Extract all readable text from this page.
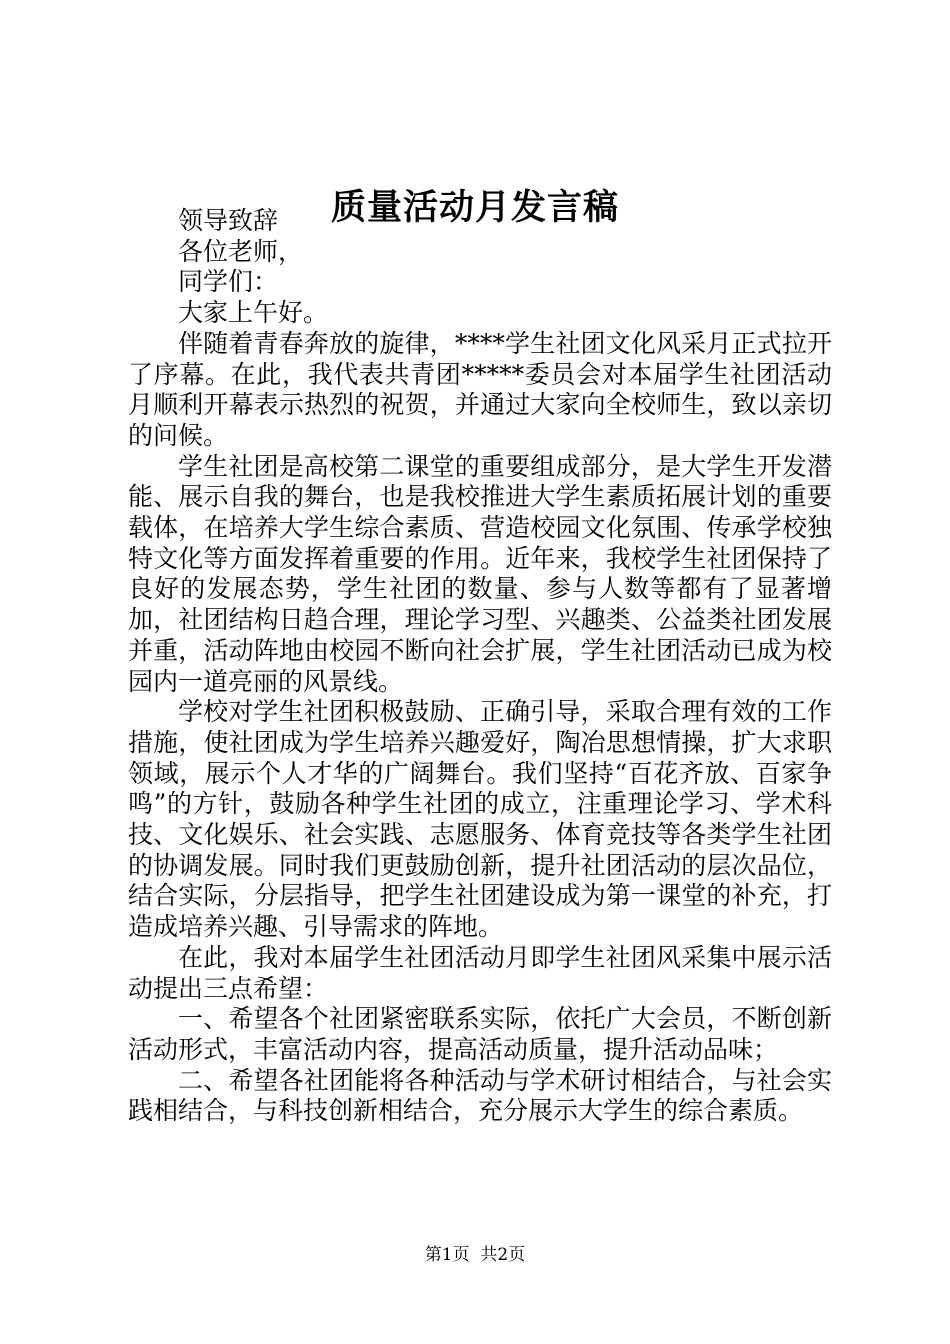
质量活动月发言稿

领导致辞

各位老师，

同学们：

大家上午好。

伴随着青春奔放的旋律，****学生社团文化风采月正式拉开了序幕。在此，我代表共青团*****委员会对本届学生社团活动月顺利开幕表示热烈的祝贺，并通过大家向全校师生，致以亲切的问候。

学生社团是高校第二课堂的重要组成部分，是大学生开发潜能、展示自我的舞台，也是我校推进大学生素质拓展计划的重要载体，在培养大学生综合素质、营造校园文化氛围、传承学校独特文化等方面发挥着重要的作用。近年来，我校学生社团保持了良好的发展态势，学生社团的数量、参与人数等都有了显著增加，社团结构日趋合理，理论学习型、兴趣类、公益类社团发展并重，活动阵地由校园不断向社会扩展，学生社团活动已成为校园内一道亮丽的风景线。

学校对学生社团积极鼓励、正确引导，采取合理有效的工作措施，使社团成为学生培养兴趣爱好，陶冶思想情操，扩大求职领域，展示个人才华的广阔舞台。我们坚持“百花齐放、百家争鸣”的方针，鼓励各种学生社团的成立，注重理论学习、学术科技、文化娱乐、社会实践、志愿服务、体育竞技等各类学生社团的协调发展。同时我们更鼓励创新，提升社团活动的层次品位，结合实际，分层指导，把学生社团建设成为第一课堂的补充，打造成培养兴趣、引导需求的阵地。

在此，我对本届学生社团活动月即学生社团风采集中展示活动提出三点希望：

一、希望各个社团紧密联系实际，依托广大会员，不断创新活动形式，丰富活动内容，提高活动质量，提升活动品味；

二、希望各社团能将各种活动与学术研讨相结合，与社会实践相结合，与科技创新相结合，充分展示大学生的综合素质。

第1页 共2页
